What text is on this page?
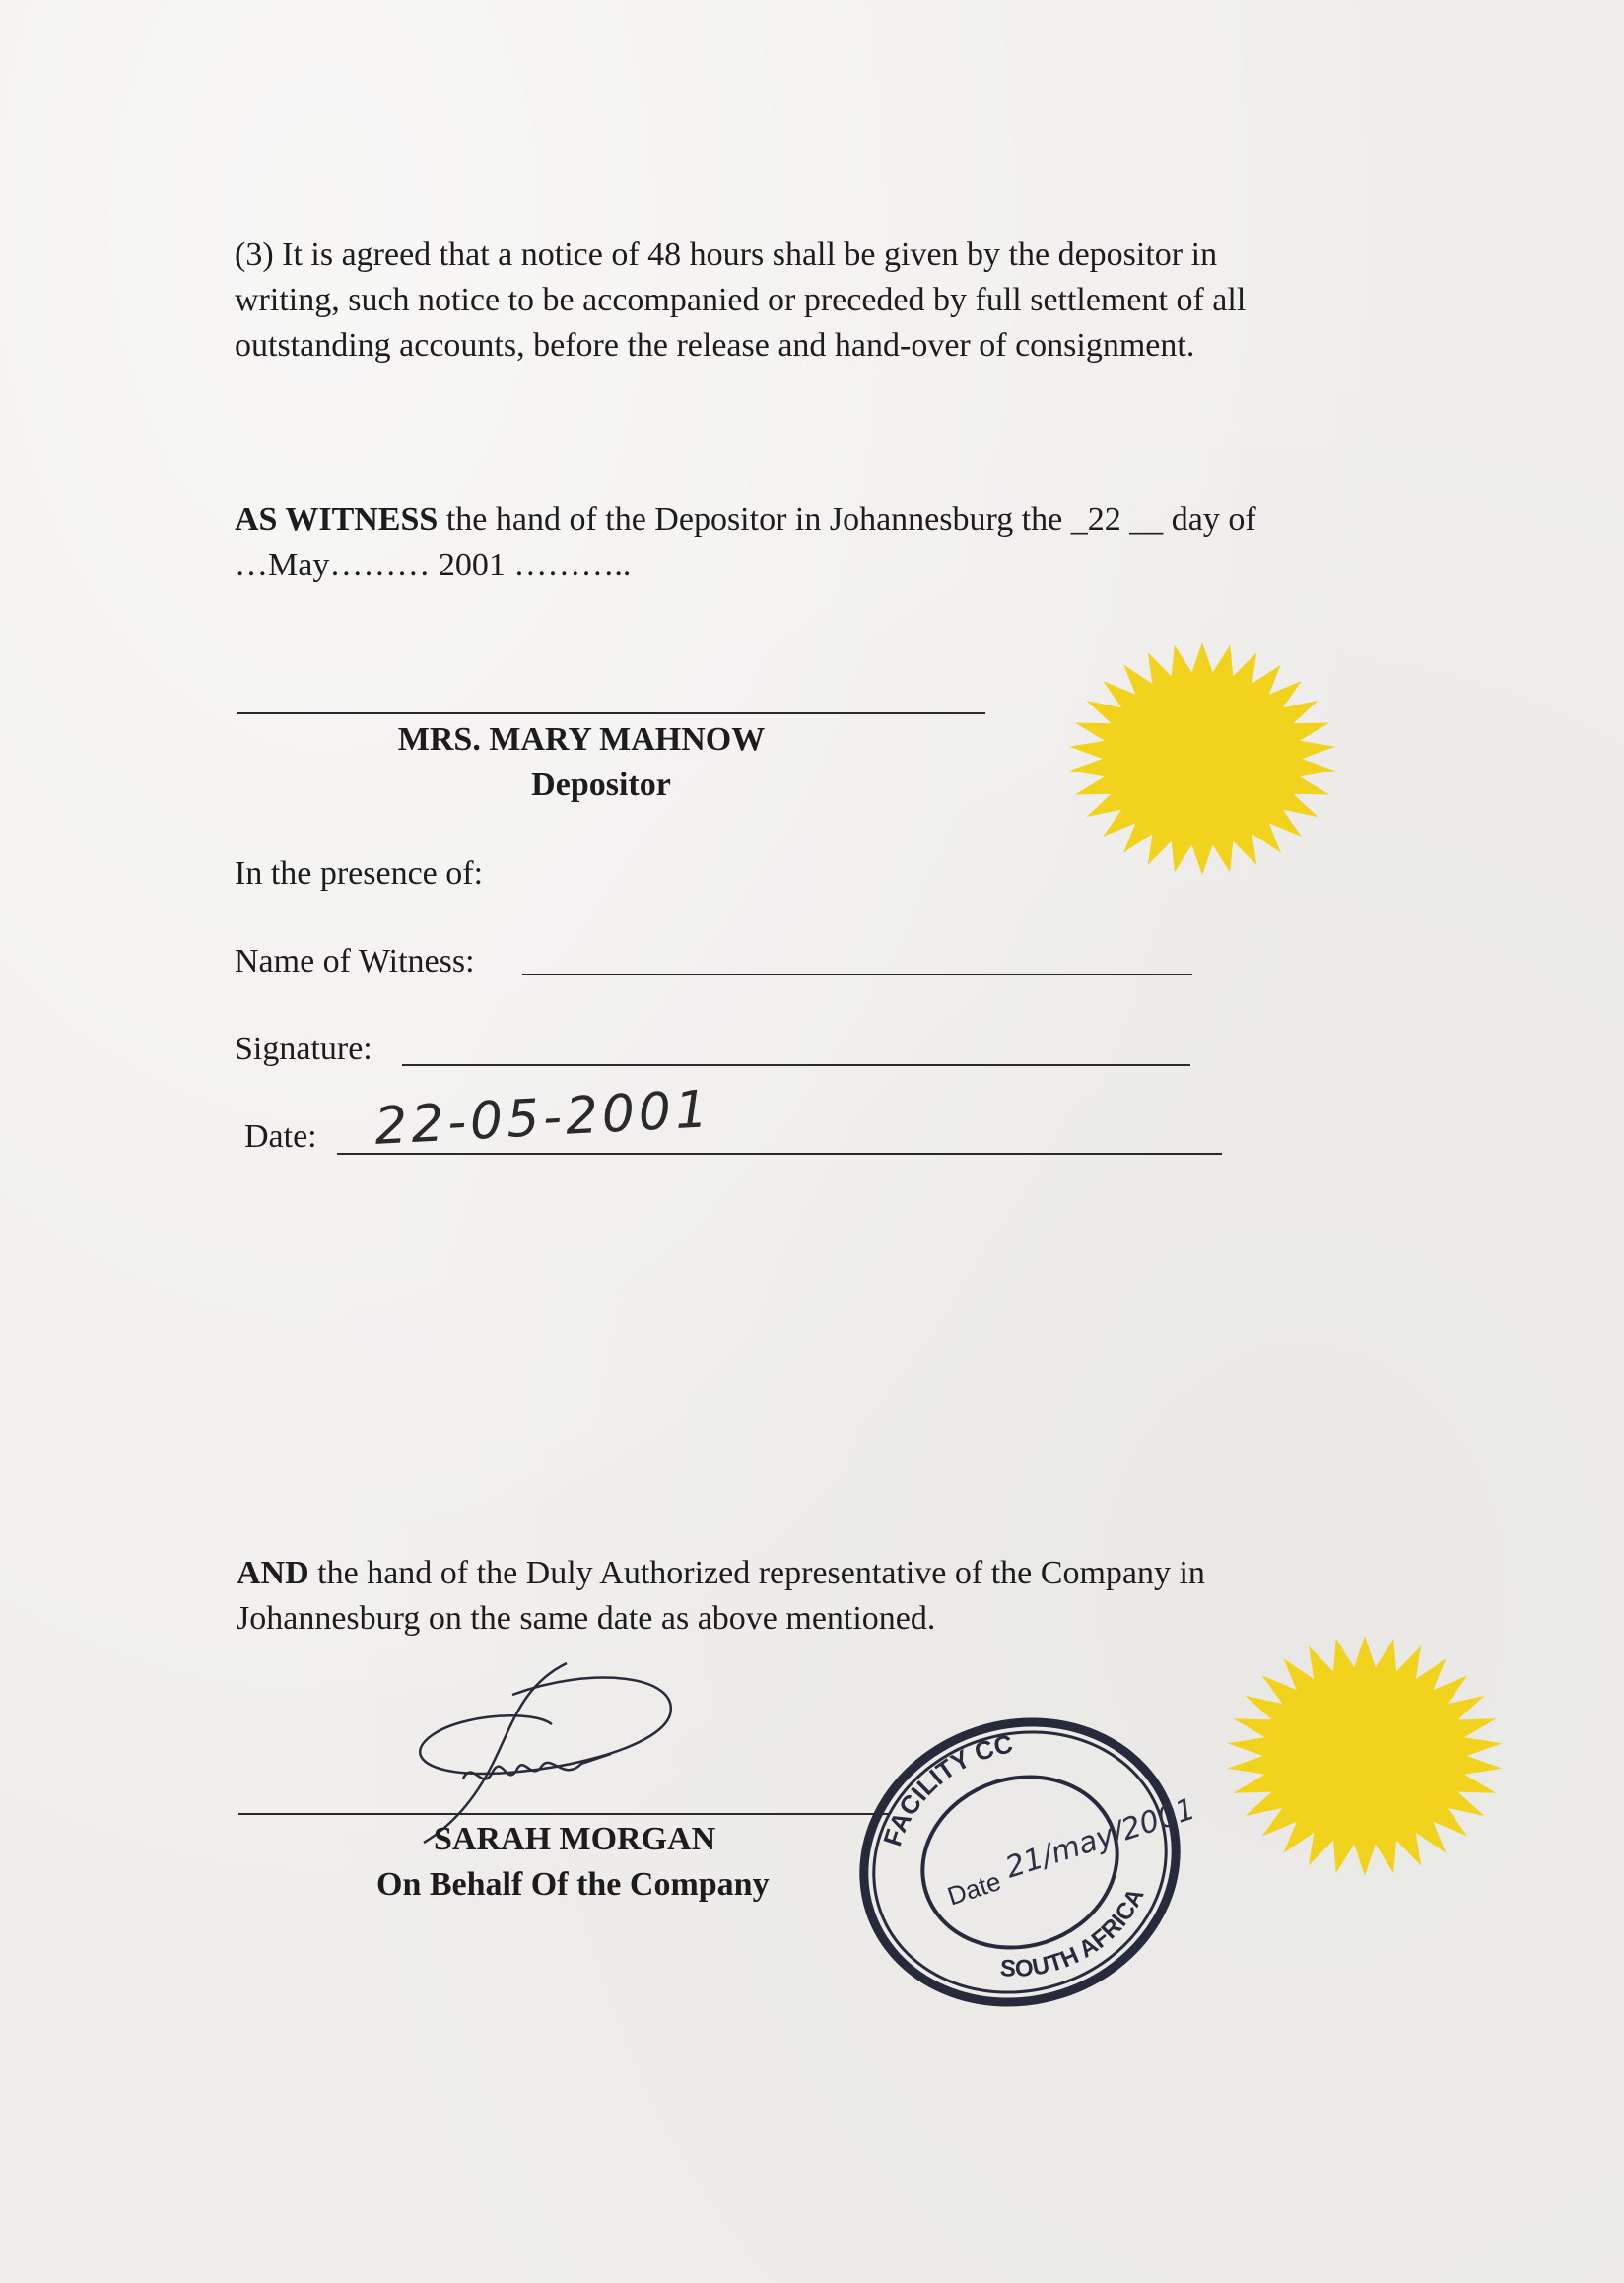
(3) It is agreed that a notice of 48 hours shall be given by the depositor in
writing, such notice to be accompanied or preceded by full settlement of all
outstanding accounts, before the release and hand-over of consignment.
AS WITNESS the hand of the Depositor in Johannesburg the _22 __ day of
…May……… 2001 ………..
MRS. MARY MAHNOW
Depositor
In the presence of:
Name of Witness:
Signature:
Date: 22-05-2001
AND the hand of the Duly Authorized representative of the Company in
Johannesburg on the same date as above mentioned.
SARAH MORGAN
On Behalf Of the Company
FACILITY CC
SOUTH AFRICA
Date
21/may/2001
